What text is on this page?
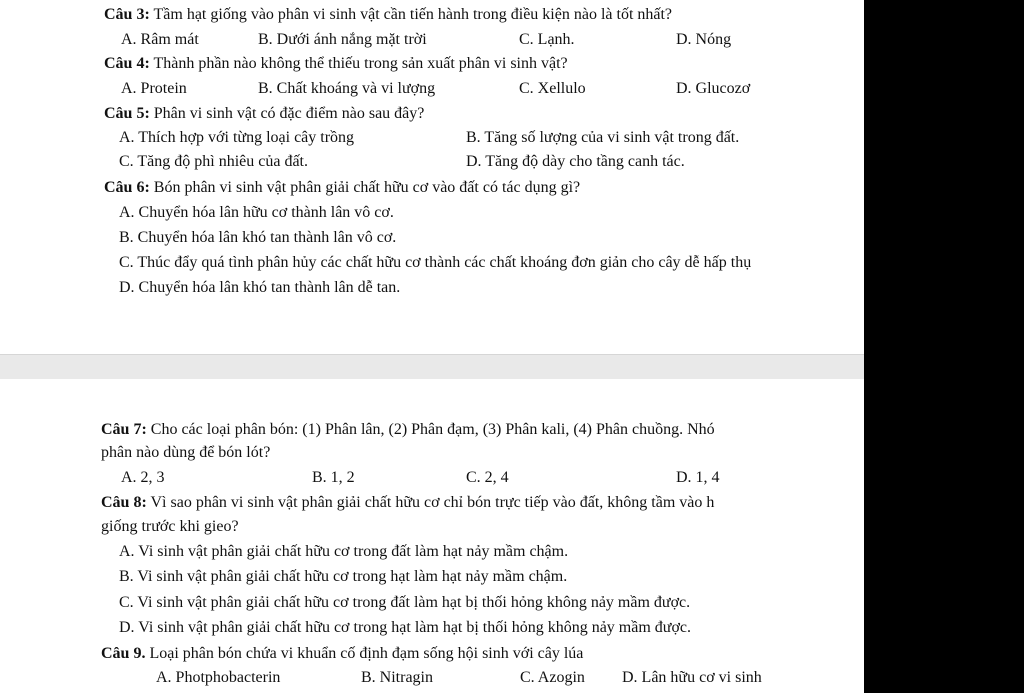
Câu 3: Tầm hạt giống vào phân vi sinh vật cần tiến hành trong điều kiện nào là tốt nhất?
A. Râm mát	B. Dưới ánh nắng mặt trời	C. Lạnh.	D. Nóng
Câu 4: Thành phần nào không thể thiếu trong sản xuất phân vi sinh vật?
A. Protein	B. Chất khoáng và vi lượng	C. Xellulo	D. Glucozơ
Câu 5: Phân vi sinh vật có đặc điểm nào sau đây?
A. Thích hợp với từng loại cây trồng	B. Tăng số lượng của vi sinh vật trong đất.
C. Tăng độ phì nhiêu của đất.	D. Tăng độ dày cho tầng canh tác.
Câu 6: Bón phân vi sinh vật phân giải chất hữu cơ vào đất có tác dụng gì?
A. Chuyển hóa lân hữu cơ thành lân vô cơ.
B. Chuyển hóa lân khó tan thành lân vô cơ.
C. Thúc đẩy quá tình phân hủy các chất hữu cơ thành các chất khoáng đơn giản cho cây dễ hấp thụ
D. Chuyển hóa lân khó tan thành lân dễ tan.
Câu 7: Cho các loại phân bón: (1) Phân lân, (2) Phân đạm, (3) Phân kali, (4) Phân chuồng. Nhó
phân nào dùng để bón lót?
A. 2, 3	B. 1, 2	C. 2, 4	D. 1, 4
Câu 8: Vì sao phân vi sinh vật phân giải chất hữu cơ chỉ bón trực tiếp vào đất, không tầm vào h
giống trước khi gieo?
A. Vi sinh vật phân giải chất hữu cơ trong đất làm hạt nảy mầm chậm.
B. Vi sinh vật phân giải chất hữu cơ trong hạt làm hạt nảy mầm chậm.
C. Vi sinh vật phân giải chất hữu cơ trong đất làm hạt bị thối hỏng không nảy mầm được.
D. Vi sinh vật phân giải chất hữu cơ trong hạt làm hạt bị thối hỏng không nảy mầm được.
Câu 9. Loại phân bón chứa vi khuẩn cố định đạm sống hội sinh với cây lúa
A. Photphobacterin	B. Nitragin	C. Azogin D. Lân hữu cơ vi sinh
